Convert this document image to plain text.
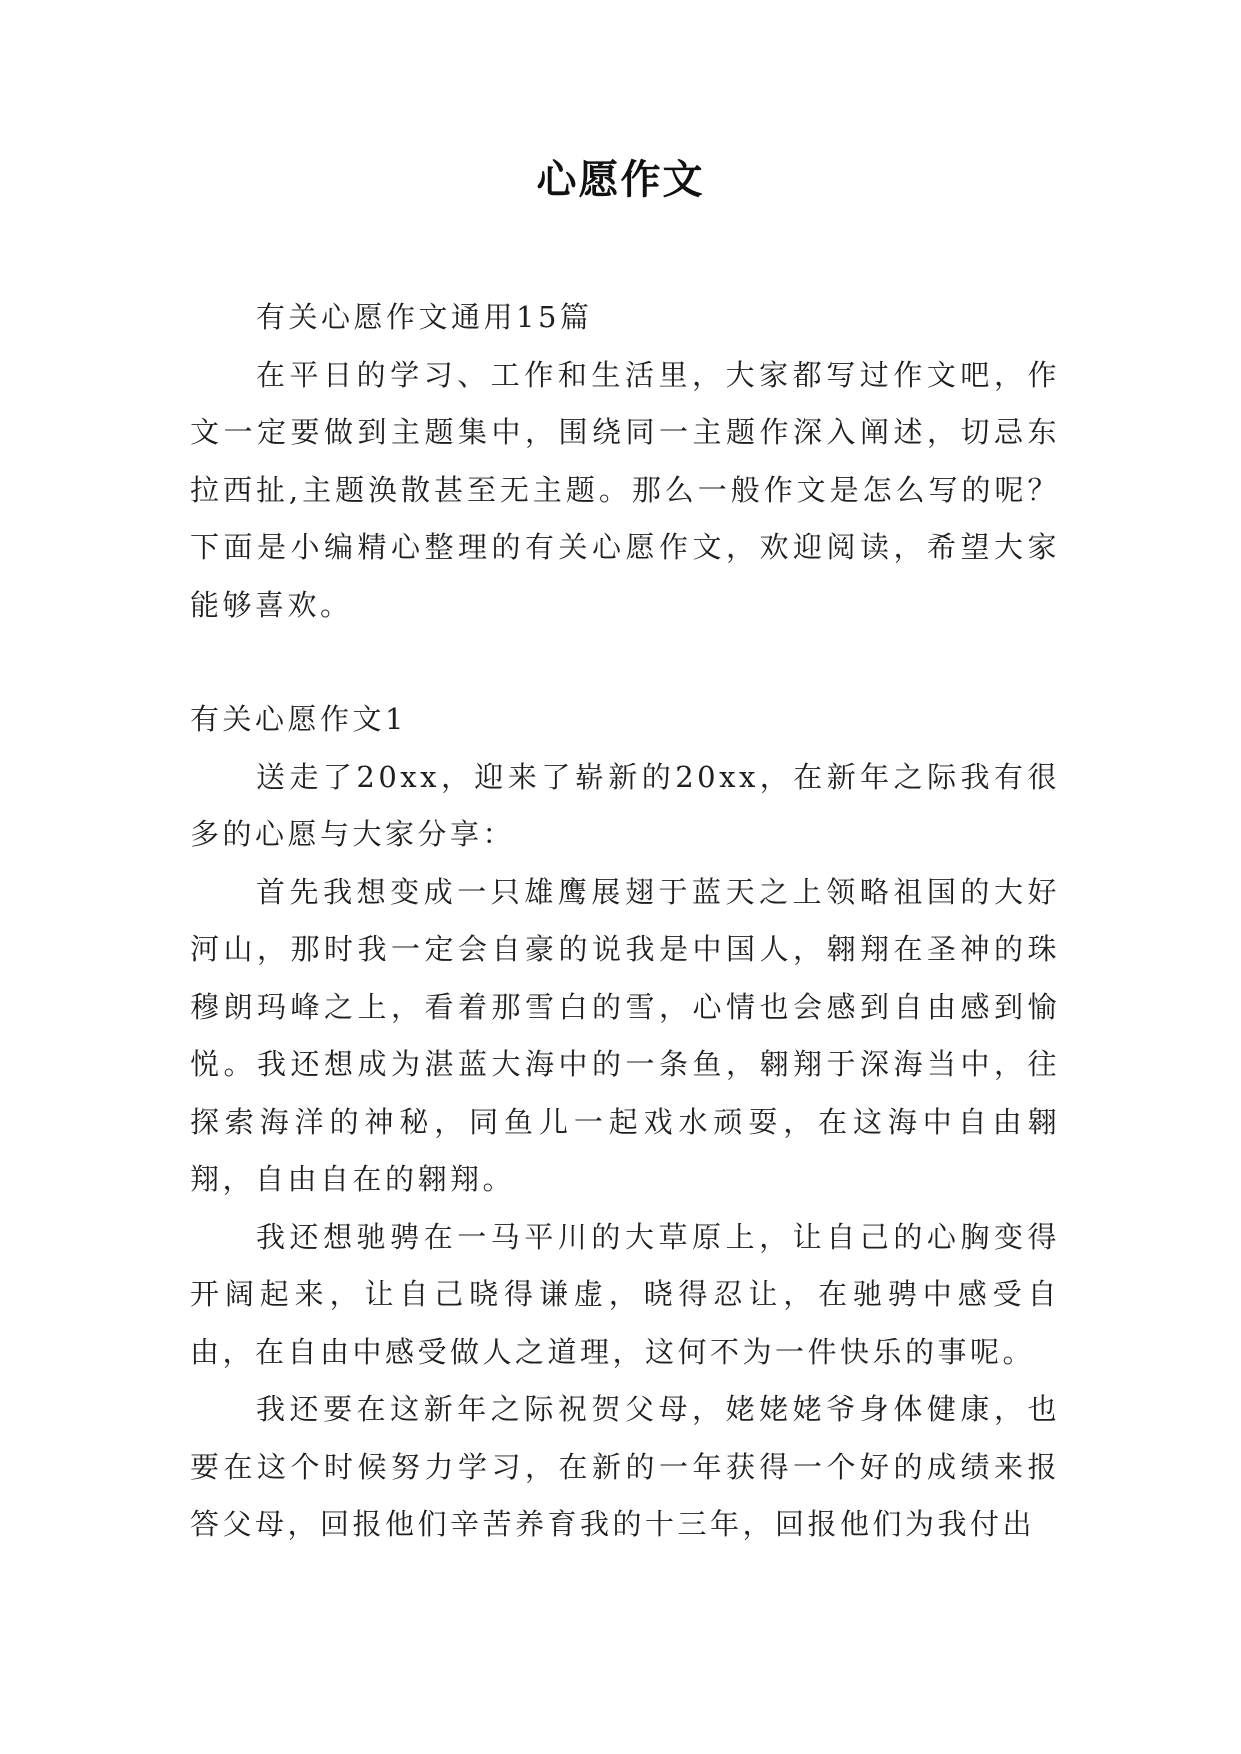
心愿作文

有关心愿作文通用15篇

在平日的学习、工作和生活里，大家都写过作文吧，作文一定要做到主题集中，围绕同一主题作深入阐述，切忌东拉西扯,主题涣散甚至无主题。那么一般作文是怎么写的呢？下面是小编精心整理的有关心愿作文，欢迎阅读，希望大家能够喜欢。

有关心愿作文1

送走了20xx，迎来了崭新的20xx，在新年之际我有很多的心愿与大家分享：

首先我想变成一只雄鹰展翅于蓝天之上领略祖国的大好河山，那时我一定会自豪的说我是中国人，翱翔在圣神的珠穆朗玛峰之上，看着那雪白的雪，心情也会感到自由感到愉悦。我还想成为湛蓝大海中的一条鱼，翱翔于深海当中，往探索海洋的神秘，同鱼儿一起戏水顽耍，在这海中自由翱翔，自由自在的翱翔。

我还想驰骋在一马平川的大草原上，让自己的心胸变得开阔起来，让自己晓得谦虚，晓得忍让，在驰骋中感受自由，在自由中感受做人之道理，这何不为一件快乐的事呢。

我还要在这新年之际祝贺父母，姥姥姥爷身体健康，也要在这个时候努力学习，在新的一年获得一个好的成绩来报答父母，回报他们辛苦养育我的十三年，回报他们为我付出
